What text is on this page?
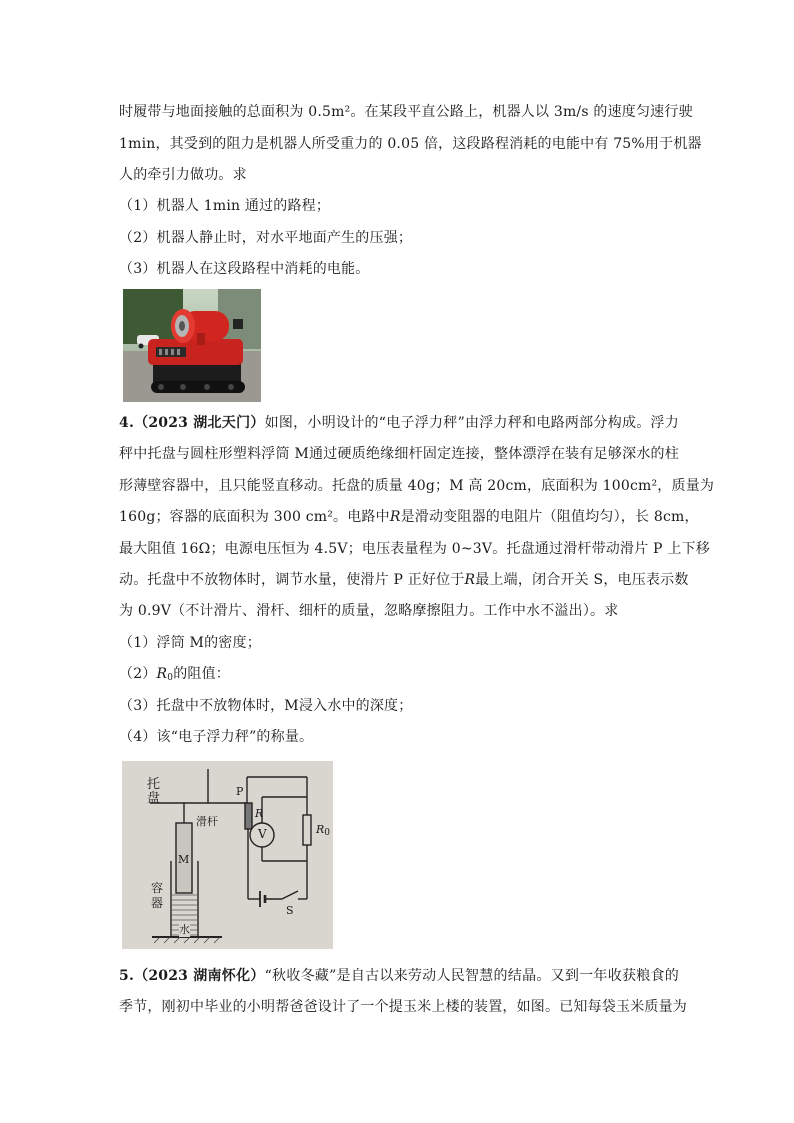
时履带与地面接触的总面积为 0.5m²。在某段平直公路上，机器人以 3m/s 的速度匀速行驶
1min，其受到的阻力是机器人所受重力的 0.05 倍，这段路程消耗的电能中有 75%用于机器
人的牵引力做功。求
（1）机器人 1min 通过的路程；
（2）机器人静止时，对水平地面产生的压强；
（3）机器人在这段路程中消耗的电能。
4.（2023 湖北天门）如图，小明设计的“电子浮力秤”由浮力秤和电路两部分构成。浮力
秤中托盘与圆柱形塑料浮筒 M通过硬质绝缘细杆固定连接，整体漂浮在装有足够深水的柱
形薄壁容器中，且只能竖直移动。托盘的质量 40g；M 高 20cm，底面积为 100cm²，质量为
160g；容器的底面积为 300 cm²。电路中R是滑动变阻器的电阻片（阻值均匀），长 8cm，
最大阻值 16Ω；电源电压恒为 4.5V；电压表量程为 0~3V。托盘通过滑杆带动滑片 P 上下移
动。托盘中不放物体时，调节水量，使滑片 P 正好位于R最上端，闭合开关 S，电压表示数
为 0.9V（不计滑片、滑杆、细杆的质量，忽略摩擦阻力。工作中水不溢出）。求
（1）浮筒 M的密度；
$(2)R_0$的阻值：
（3）托盘中不放物体时，M浸入水中的深度；
（4）该“电子浮力秤”的称量。
托
盘
滑杆
P
R
V	$R_0$
M
容
器
水
S
5.（2023 湖南怀化）“秋收冬藏”是自古以来劳动人民智慧的结晶。又到一年收获粮食的
季节，刚初中毕业的小明帮爸爸设计了一个提玉米上楼的装置，如图。已知每袋玉米质量为
